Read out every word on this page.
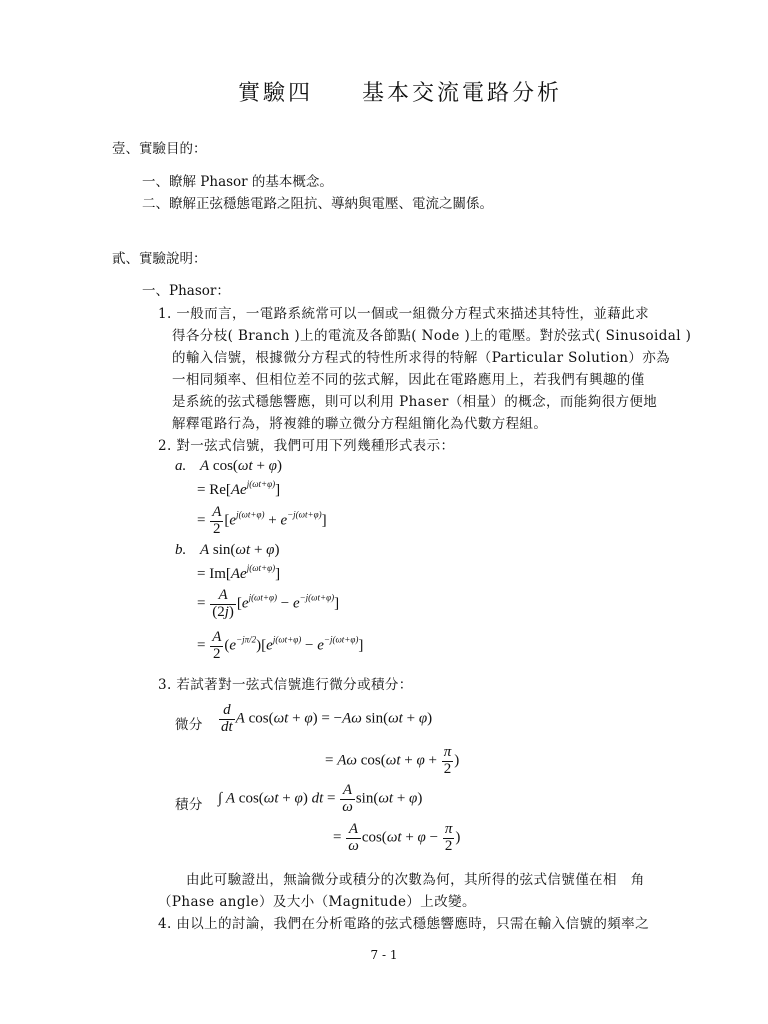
實驗四 基本交流電路分析
壹、實驗目的：
一、瞭解 Phasor 的基本概念。
二、瞭解正弦穩態電路之阻抗、導納與電壓、電流之關係。
貳、實驗說明：
一、Phasor：
1. 一般而言，一電路系統常可以一個或一組微分方程式來描述其特性，並藉此求
得各分枝( Branch )上的電流及各節點( Node )上的電壓。對於弦式( Sinusoidal )
的輸入信號，根據微分方程式的特性所求得的特解（Particular Solution）亦為
一相同頻率、但相位差不同的弦式解，因此在電路應用上，若我們有興趣的僅
是系統的弦式穩態響應，則可以利用 Phaser（相量）的概念，而能夠很方便地
解釋電路行為，將複雜的聯立微分方程組簡化為代數方程組。
2. 對一弦式信號，我們可用下列幾種形式表示：
a. A cos(ωt + φ)
= $Re[Ae^{j(\omega t+\varphi)}]$
= $\frac{A}{2} [e^{j(\omega t+\varphi)} + e^{-j(\omega t+\varphi)}]$
b. A sin(ωt + φ)
= $Im[Ae^{j(\omega t+\varphi)}]$
= $\frac{A}{(2j)} [e^{j(\omega t+\varphi)} - e^{-j(\omega t+\varphi)}]$
= $\frac{A}{2} (e^{-j\pi/2})[e^{j(\omega t+\varphi)} - e^{-j(\omega t+\varphi)}]$
3. 若試著對一弦式信號進行微分或積分：
微分 $\frac{d}{dt}$ A cos(ωt + φ) = −Aω sin(ωt + φ)
= Aω $\cos(\omega t + \varphi + \frac{\pi}{2}$ )
積分 ∫ A cos(ωt + φ) dt = $\frac{A}{\omega} \sin(\omega t + \varphi)$
= $\frac{A}{\omega} \cos(\omega t + \varphi - \frac{\pi}{2}$ )
由此可驗證出，無論微分或積分的次數為何，其所得的弦式信號僅在相　角
（Phase angle）及大小（Magnitude）上改變。
4. 由以上的討論，我們在分析電路的弦式穩態響應時，只需在輸入信號的頻率之
7 - 1
